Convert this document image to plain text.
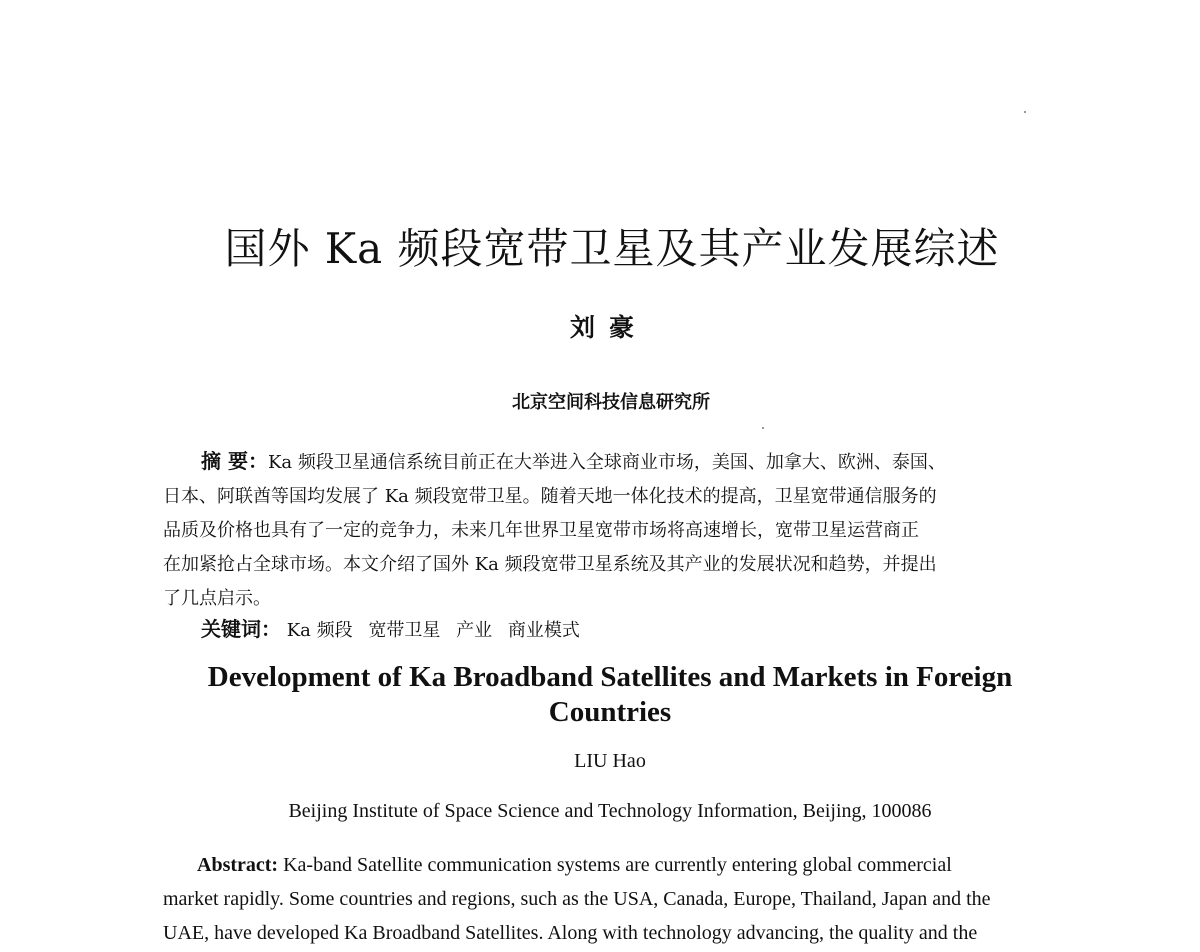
国外 Ka 频段宽带卫星及其产业发展综述
刘豪
北京空间科技信息研究所
摘 要：Ka 频段卫星通信系统目前正在大举进入全球商业市场，美国、加拿大、欧洲、泰国、
日本、阿联酋等国均发展了 Ka 频段宽带卫星。随着天地一体化技术的提高，卫星宽带通信服务的
品质及价格也具有了一定的竞争力，未来几年世界卫星宽带市场将高速增长，宽带卫星运营商正
在加紧抢占全球市场。本文介绍了国外 Ka 频段宽带卫星系统及其产业的发展状况和趋势，并提出
了几点启示。
关键词： Ka 频段 宽带卫星 产业 商业模式
Development of Ka Broadband Satellites and Markets in Foreign
Countries
LIU Hao
Beijing Institute of Space Science and Technology Information, Beijing, 100086
Abstract: Ka-band Satellite communication systems are currently entering global commercial
market rapidly. Some countries and regions, such as the USA, Canada, Europe, Thailand, Japan and the
UAE, have developed Ka Broadband Satellites. Along with technology advancing, the quality and the
